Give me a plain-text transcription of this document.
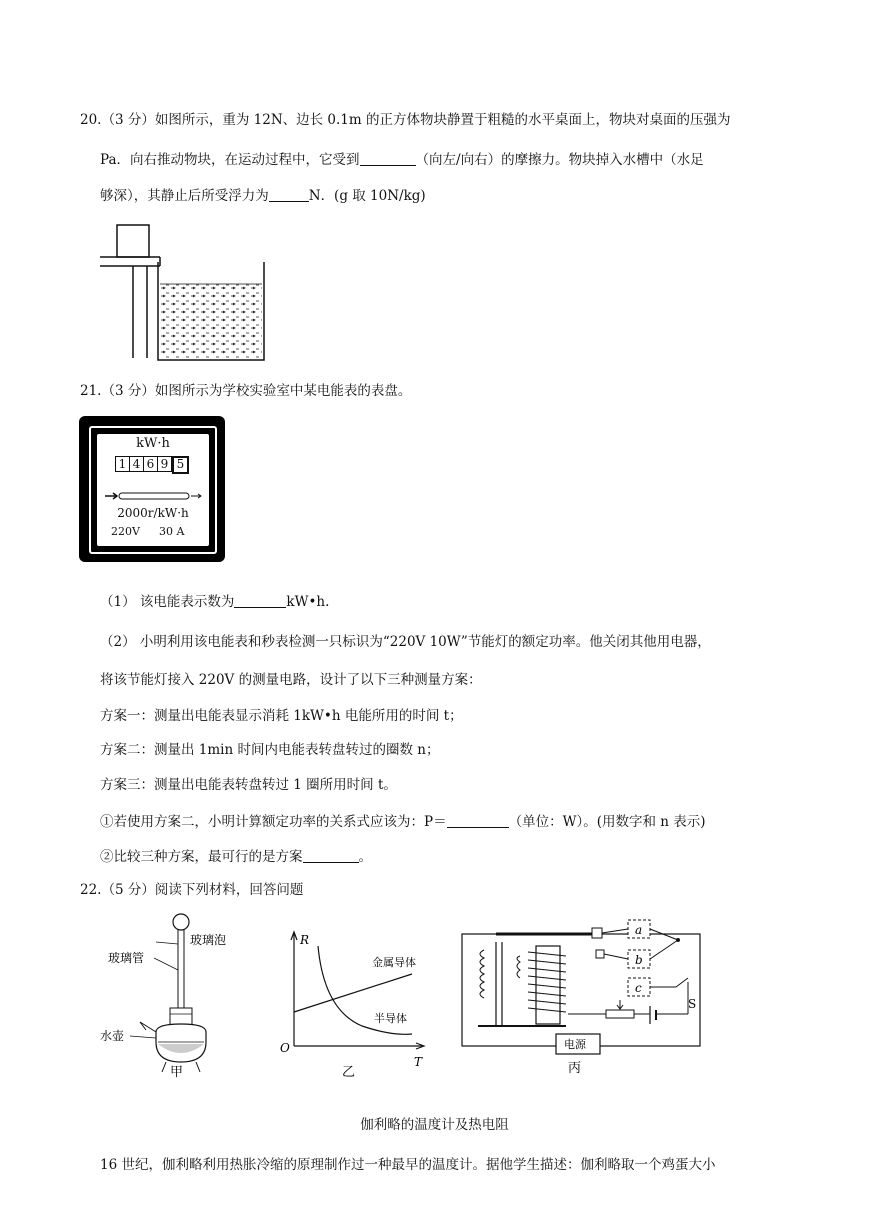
20.（3 分）如图所示，重为 12N、边长 0.1m 的正方体物块静置于粗糙的水平桌面上，物块对桌面的压强为
Pa．向右推动物块，在运动过程中，它受到	（向左/向右）的摩擦力。物块掉入水槽中（水足
够深），其静止后所受浮力为	N．(g 取 10N/kg)
21.（3 分）如图所示为学校实验室中某电能表的表盘。
kW·h
1 4 6 9 5
2000r/kW·h
220V 30 A
（1） 该电能表示数为	kW•h.
（2） 小明利用该电能表和秒表检测一只标识为“220V 10W”节能灯的额定功率。他关闭其他用电器，
将该节能灯接入 220V 的测量电路，设计了以下三种测量方案：
方案一：测量出电能表显示消耗 1kW•h 电能所用的时间 t；
方案二：测量出 1min 时间内电能表转盘转过的圈数 n；
方案三：测量出电能表转盘转过 1 圈所用时间 t。
①若使用方案二，小明计算额定功率的关系式应该为：P＝	（单位：W）。(用数字和 n 表示)
②比较三种方案，最可行的是方案	。
22.（5 分）阅读下列材料，回答问题
玻璃泡
玻璃管
水壶
甲
R
O
T
金属导体
半导体
乙
a
b
c
S
电源
丙
伽利略的温度计及热电阻
16 世纪，伽利略利用热胀冷缩的原理制作过一种最早的温度计。据他学生描述：伽利略取一个鸡蛋大小
